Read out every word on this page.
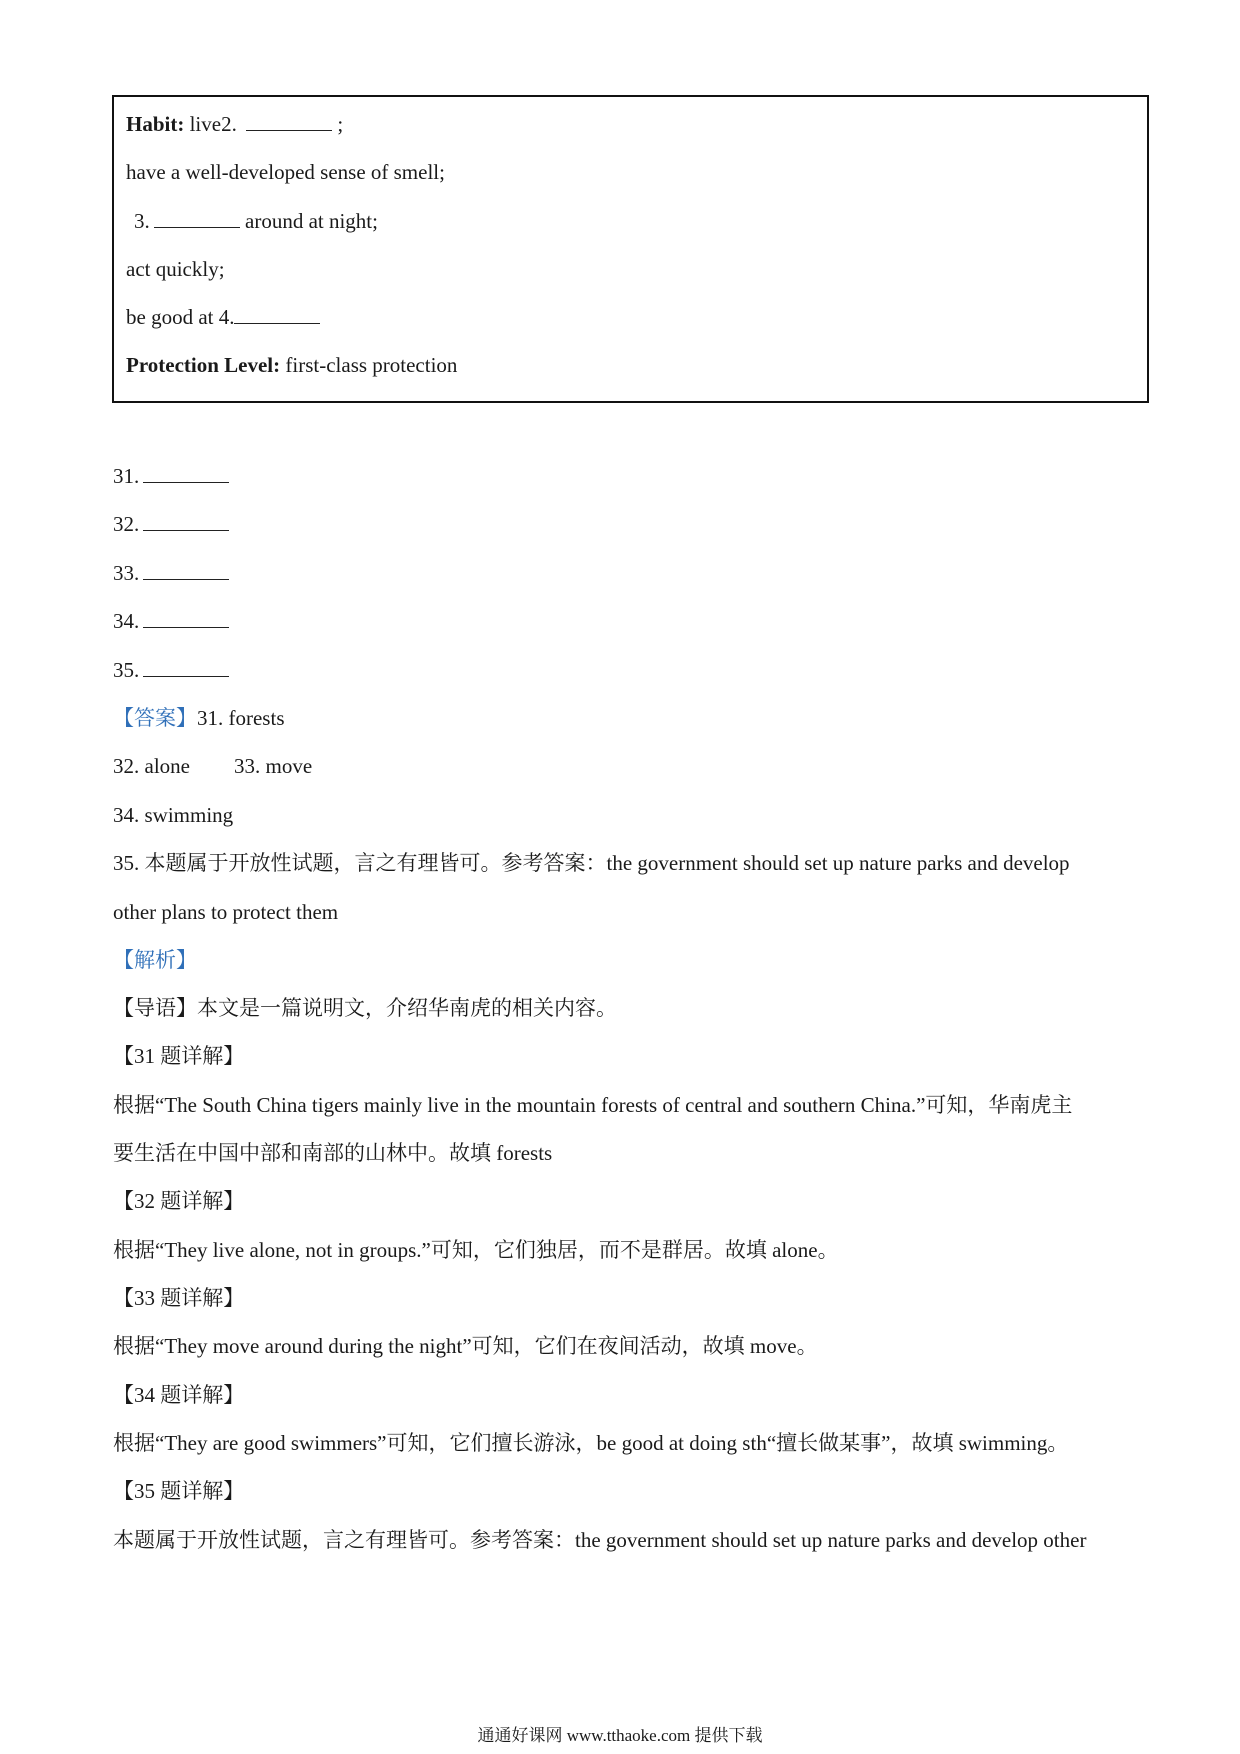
Habit: live2.	;
have a well-developed sense of smell;
3.	around at night;
act quickly;
be good at 4.
Protection Level: first-class protection
31.
32.
33.
34.
35.
【答案】31. forests
32. alone 33. move
34. swimming
35. 本题属于开放性试题，言之有理皆可。参考答案：the government should set up nature parks and develop
other plans to protect them
【解析】
【导语】本文是一篇说明文，介绍华南虎的相关内容。
【31 题详解】
根据“The South China tigers mainly live in the mountain forests of central and southern China.”可知，华南虎主
要生活在中国中部和南部的山林中。故填 forests
【32 题详解】
根据“They live alone, not in groups.”可知，它们独居，而不是群居。故填 alone。
【33 题详解】
根据“They move around during the night”可知，它们在夜间活动，故填 move。
【34 题详解】
根据“They are good swimmers”可知，它们擅长游泳，be good at doing sth“擅长做某事”，故填 swimming。
【35 题详解】
本题属于开放性试题，言之有理皆可。参考答案：the government should set up nature parks and develop other
通通好课网 www.tthaoke.com 提供下载
